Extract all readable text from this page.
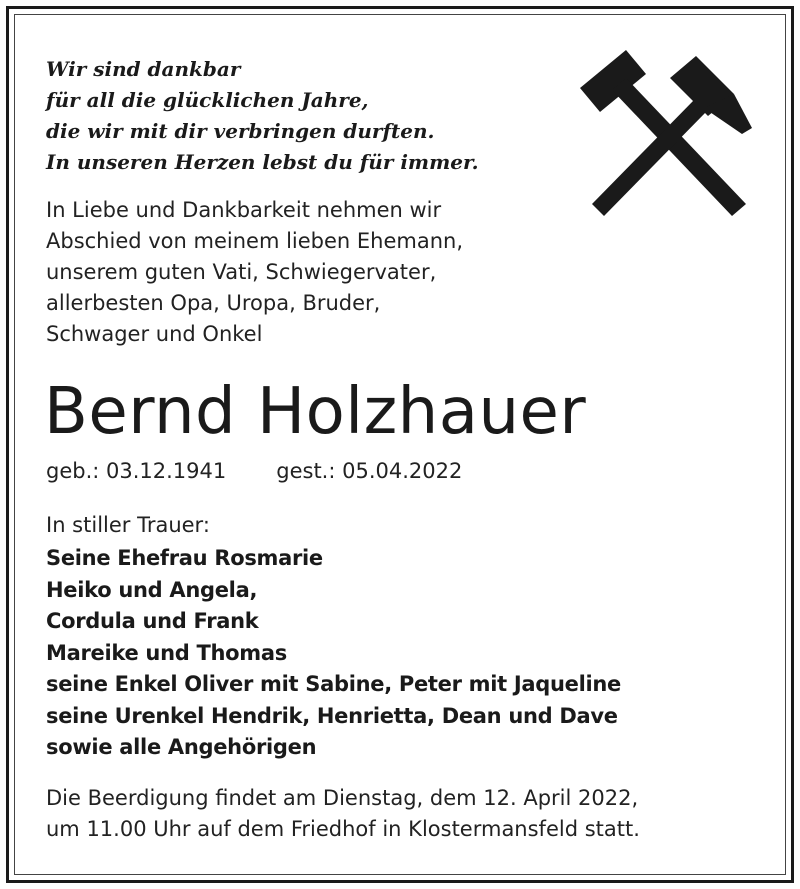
Wir sind dankbar
für all die glücklichen Jahre,
die wir mit dir verbringen durften.
In unseren Herzen lebst du für immer.
In Liebe und Dankbarkeit nehmen wir
Abschied von meinem lieben Ehemann,
unserem guten Vati, Schwiegervater,
allerbesten Opa, Uropa, Bruder,
Schwager und Onkel
Bernd Holzhauer
geb.: 03.12.1941 gest.: 05.04.2022
In stiller Trauer:
Seine Ehefrau Rosmarie
Heiko und Angela,
Cordula und Frank
Mareike und Thomas
seine Enkel Oliver mit Sabine, Peter mit Jaqueline
seine Urenkel Hendrik, Henrietta, Dean und Dave
sowie alle Angehörigen
Die Beerdigung findet am Dienstag, dem 12. April 2022,
um 11.00 Uhr auf dem Friedhof in Klostermansfeld statt.
